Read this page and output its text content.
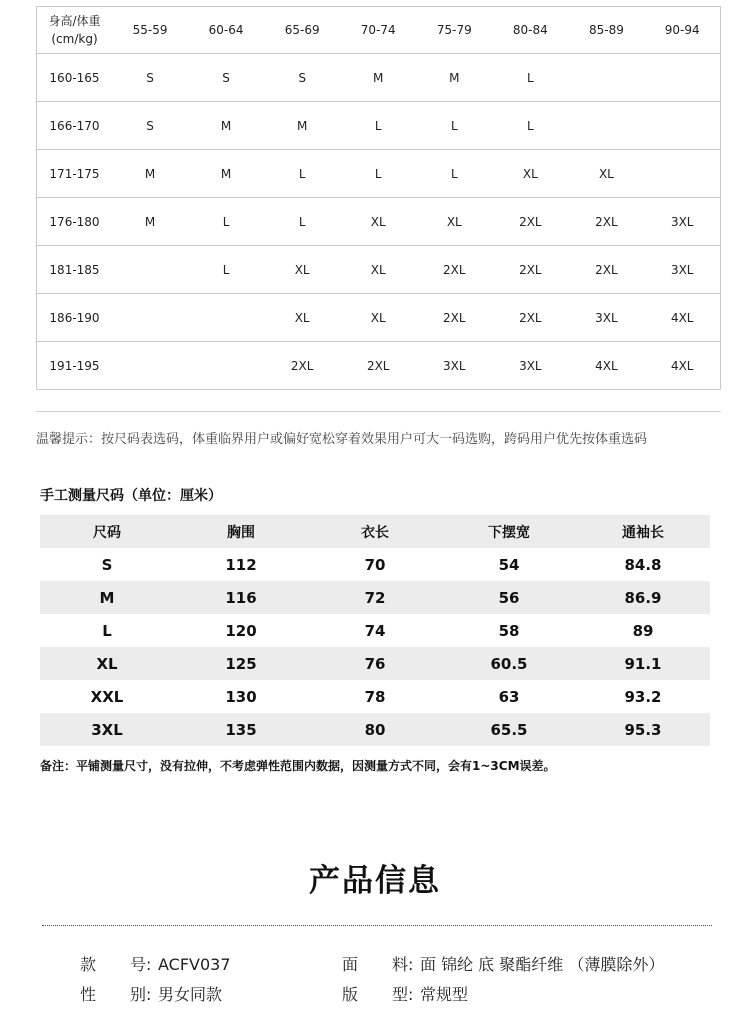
身高/体重
(cm/kg)	55-59	60-64	65-69	70-74	75-79	80-84	85-89	90-94
160-165	S	S	S	M	M	L		
166-170	S	M	M	L	L	L		
171-175	M	M	L	L	L	XL	XL	
176-180	M	L	L	XL	XL	2XL	2XL	3XL
181-185		L	XL	XL	2XL	2XL	2XL	3XL
186-190			XL	XL	2XL	2XL	3XL	4XL
191-195			2XL	2XL	3XL	3XL	4XL	4XL
温馨提示：按尺码表选码，体重临界用户或偏好宽松穿着效果用户可大一码选购，跨码用户优先按体重选码
手工测量尺码（单位：厘米）
尺码	胸围	衣长	下摆宽	通袖长
S	112	70	54	84.8
M	116	72	56	86.9
L	120	74	58	89
XL	125	76	60.5	91.1
XXL	130	78	63	93.2
3XL	135	80	65.5	95.3
备注：平铺测量尺寸，没有拉伸，不考虑弹性范围内数据，因测量方式不同，会有1~3CM误差。
产品信息
款 号: ACFV037	面 料: 面 锦纶 底 聚酯纤维 （薄膜除外）
性 别: 男女同款	版 型: 常规型
